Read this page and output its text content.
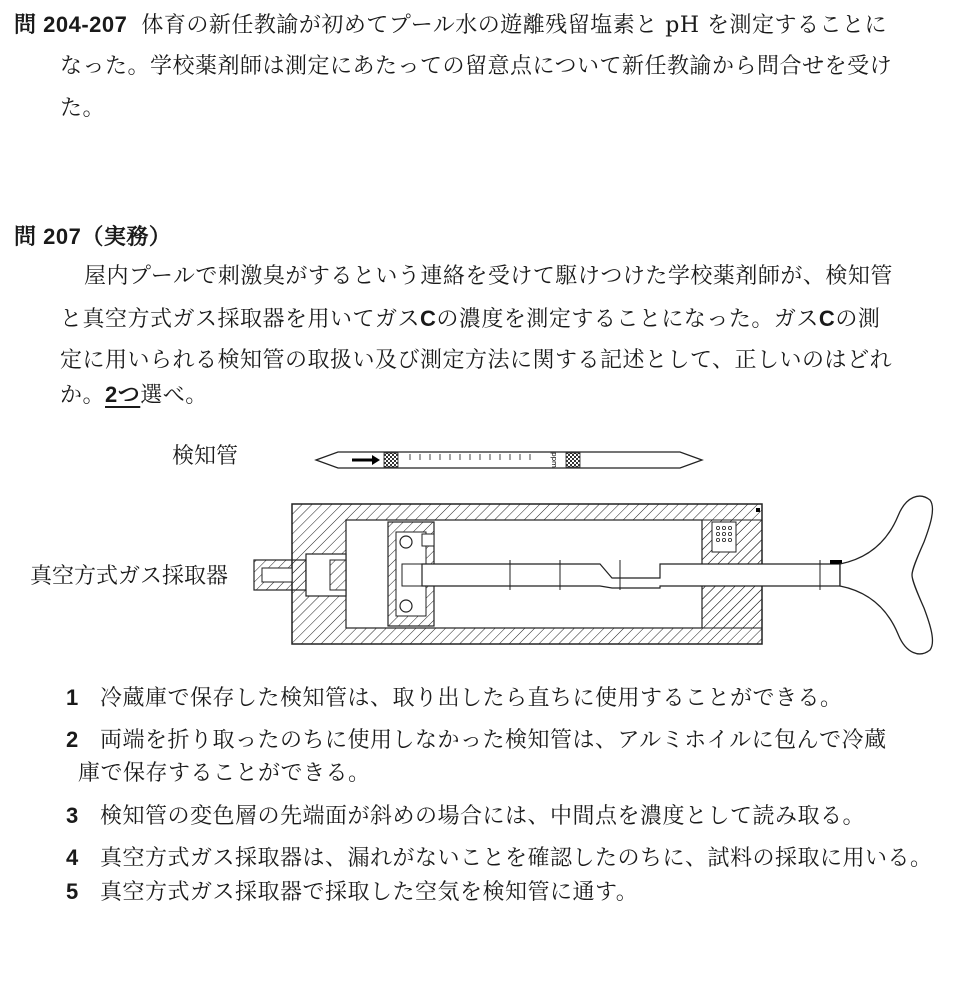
問 204-207 体育の新任教諭が初めてプール水の遊離残留塩素と pH を測定することに
なった。学校薬剤師は測定にあたっての留意点について新任教諭から問合せを受け
た。
問 207（実務）
屋内プールで刺激臭がするという連絡を受けて駆けつけた学校薬剤師が、検知管
と真空方式ガス採取器を用いてガスCの濃度を測定することになった。ガスCの測
定に用いられる検知管の取扱い及び測定方法に関する記述として、正しいのはどれ
か。2つ選べ。
検知管
真空方式ガス採取器
ppm
1 冷蔵庫で保存した検知管は、取り出したら直ちに使用することができる。
2 両端を折り取ったのちに使用しなかった検知管は、アルミホイルに包んで冷蔵
庫で保存することができる。
3 検知管の変色層の先端面が斜めの場合には、中間点を濃度として読み取る。
4 真空方式ガス採取器は、漏れがないことを確認したのちに、試料の採取に用いる。
5 真空方式ガス採取器で採取した空気を検知管に通す。
